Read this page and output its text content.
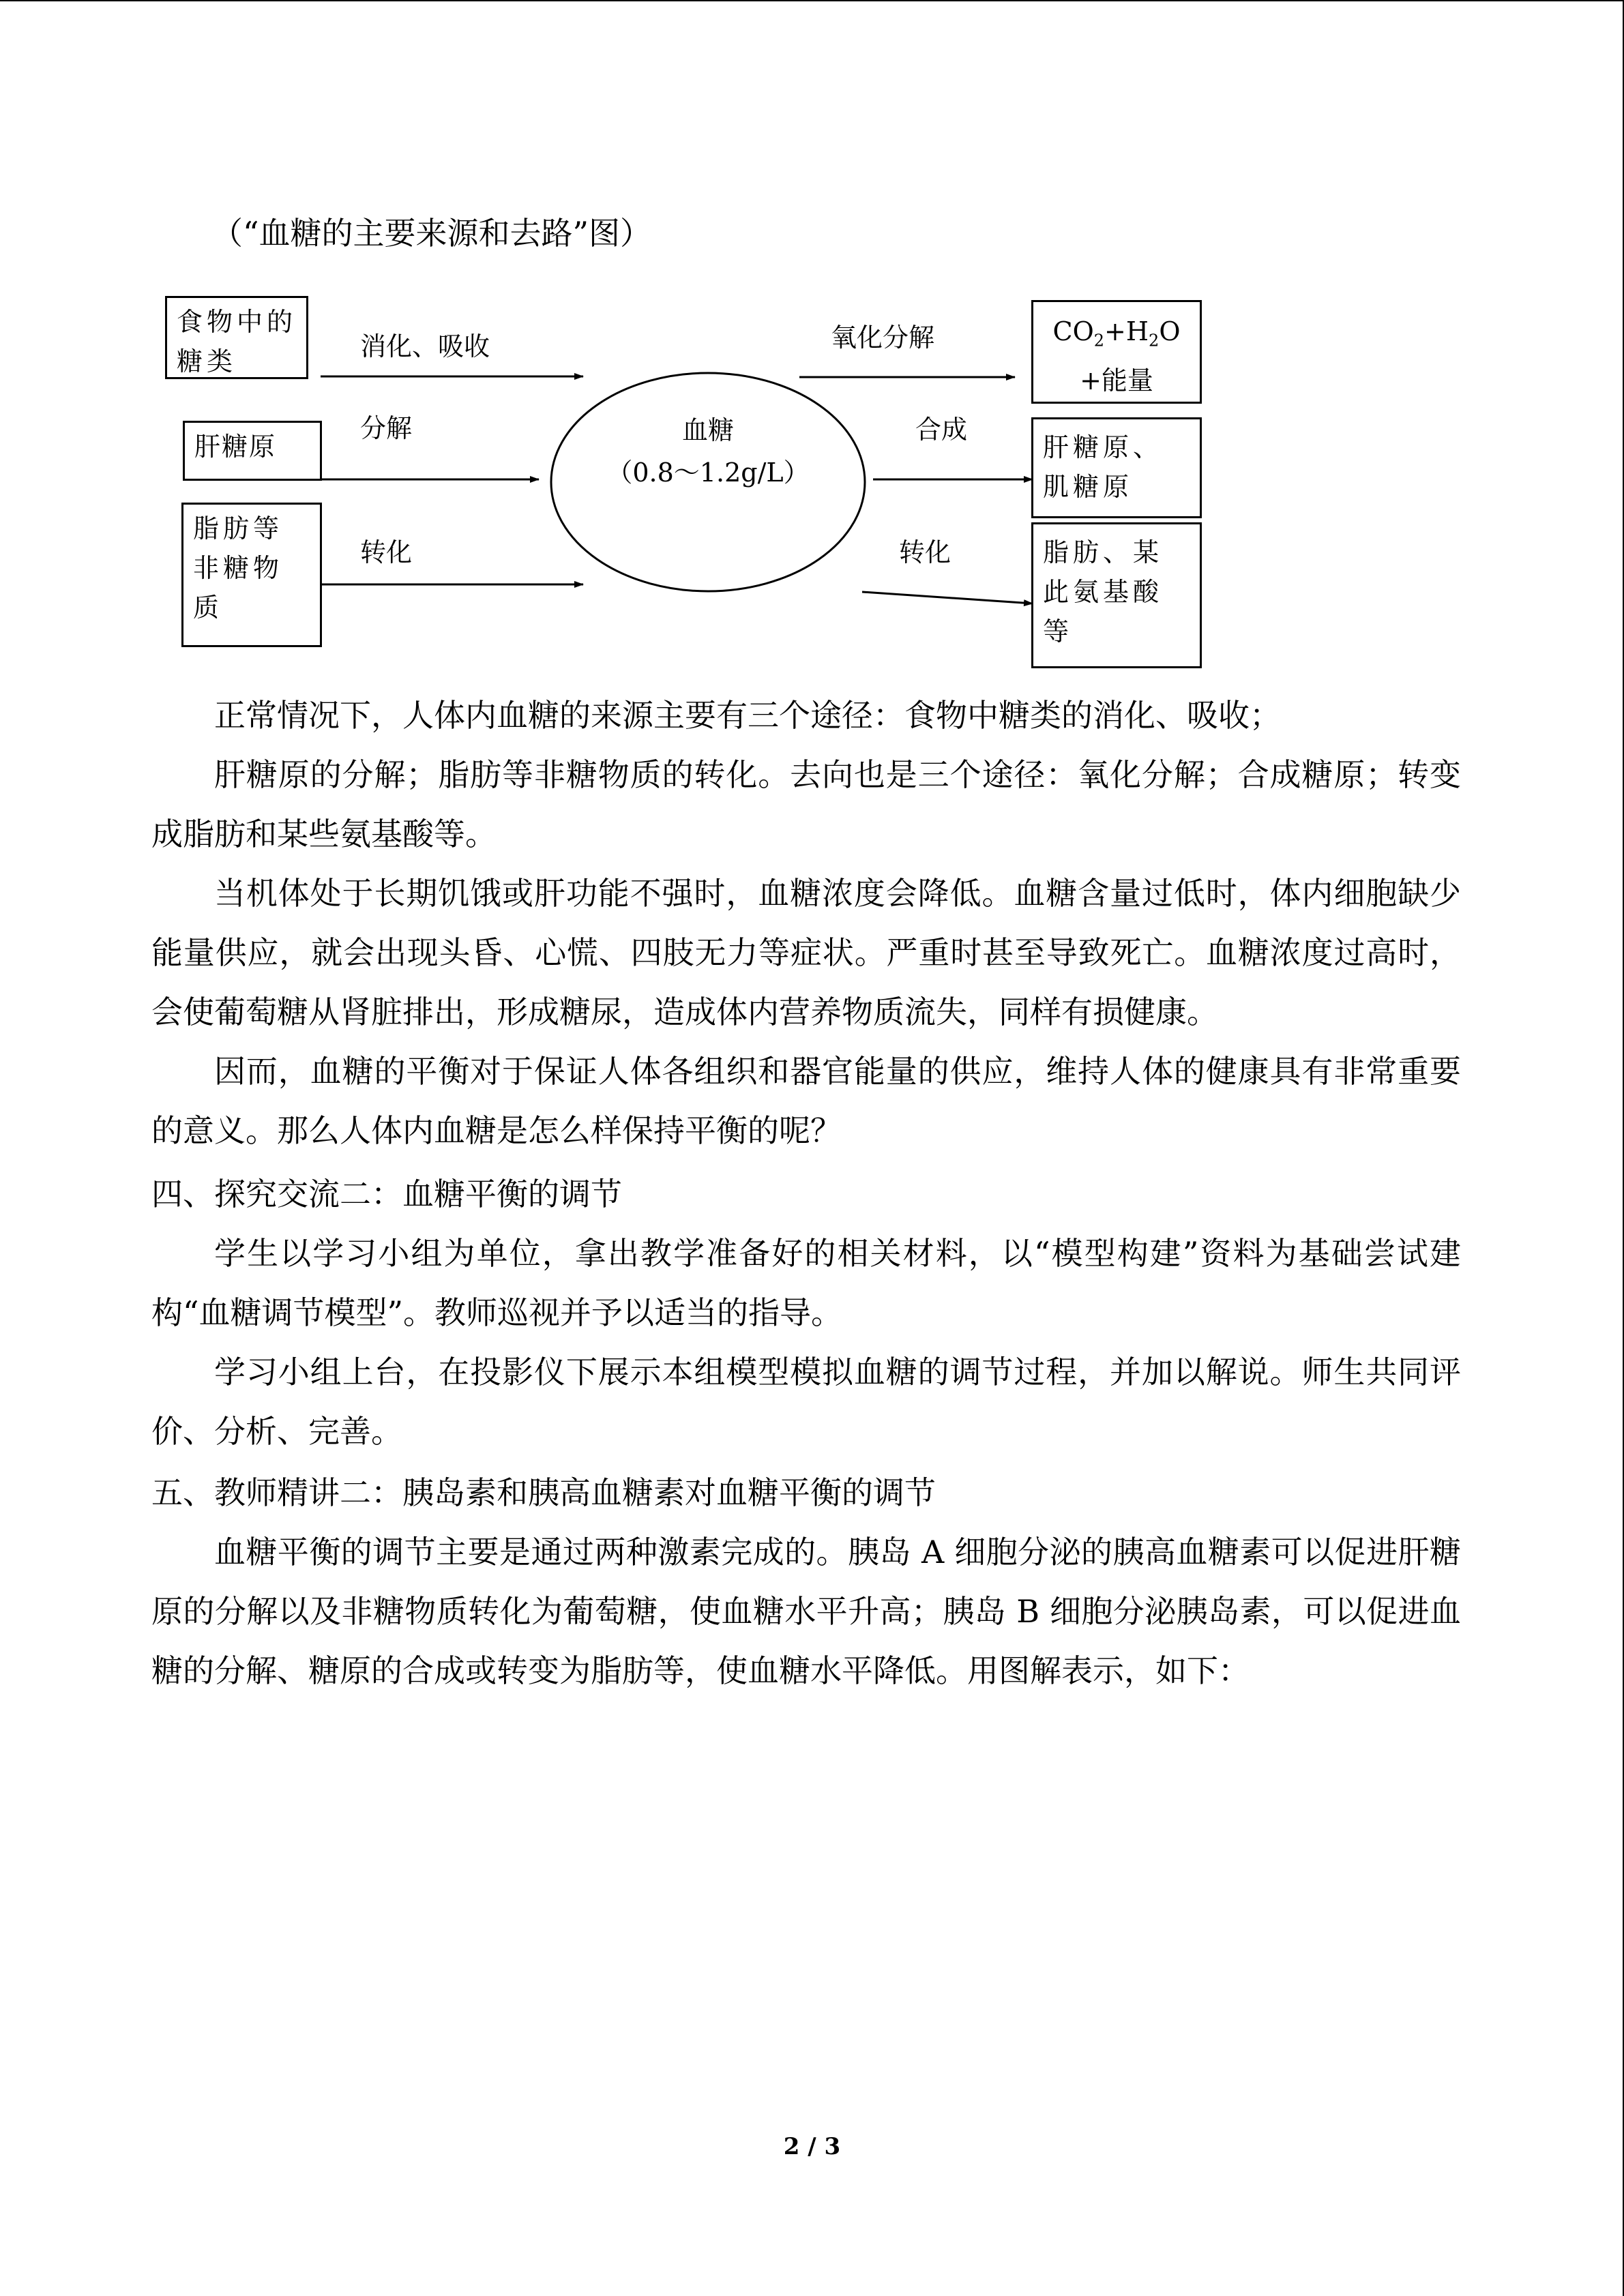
（“血糖的主要来源和去路”图）
食物中的糖类
肝糖原
脂肪等非糖物质
消化、吸收
分解
转化
血糖
（0.8～1.2g/L）
氧化分解
合成
转化
$CO_2+H_2O$
+能量
肝糖原、肌糖原
脂肪、某此氨基酸等
正常情况下，人体内血糖的来源主要有三个途径：食物中糖类的消化、吸收；
肝糖原的分解；脂肪等非糖物质的转化。去向也是三个途径：氧化分解；合成糖原；转变成脂肪和某些氨基酸等。
当机体处于长期饥饿或肝功能不强时，血糖浓度会降低。血糖含量过低时，体内细胞缺少能量供应，就会出现头昏、心慌、四肢无力等症状。严重时甚至导致死亡。血糖浓度过高时，会使葡萄糖从肾脏排出，形成糖尿，造成体内营养物质流失，同样有损健康。
因而，血糖的平衡对于保证人体各组织和器官能量的供应，维持人体的健康具有非常重要的意义。那么人体内血糖是怎么样保持平衡的呢？
四、探究交流二：血糖平衡的调节
学生以学习小组为单位，拿出教学准备好的相关材料，以“模型构建”资料为基础尝试建构“血糖调节模型”。教师巡视并予以适当的指导。
学习小组上台，在投影仪下展示本组模型模拟血糖的调节过程，并加以解说。师生共同评价、分析、完善。
五、教师精讲二：胰岛素和胰高血糖素对血糖平衡的调节
血糖平衡的调节主要是通过两种激素完成的。胰岛 A 细胞分泌的胰高血糖素可以促进肝糖原的分解以及非糖物质转化为葡萄糖，使血糖水平升高；胰岛 B 细胞分泌胰岛素，可以促进血糖的分解、糖原的合成或转变为脂肪等，使血糖水平降低。用图解表示，如下：
2 / 3
